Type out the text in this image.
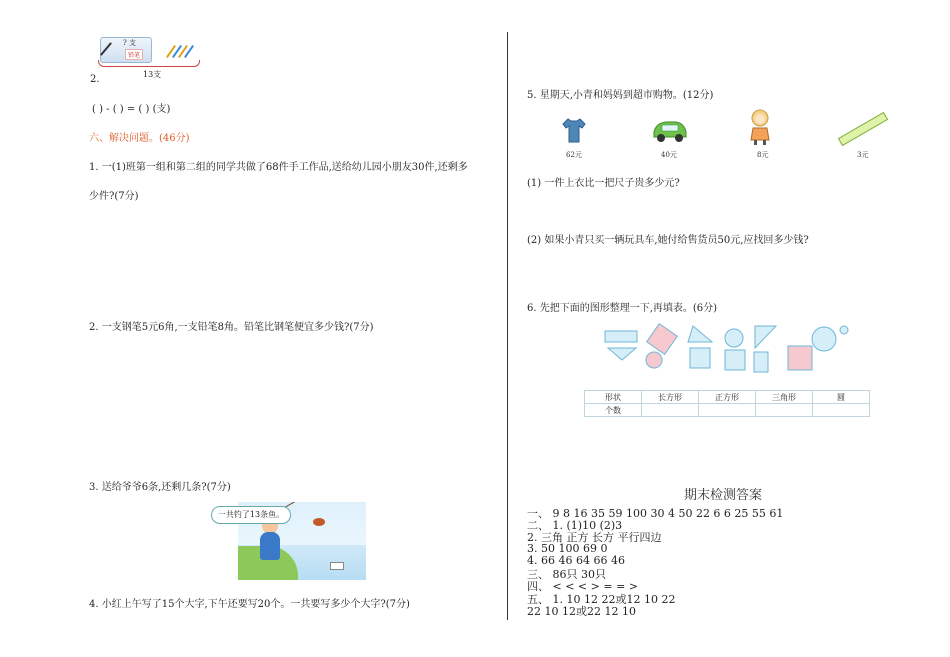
? 支
铅笔
13支
2.
( ) - ( ) = ( ) (支)
六、解决问题。(46分)
1. 一(1)班第一组和第二组的同学共做了68件手工作品,送给幼儿园小朋友30件,还剩多
少件?(7分)
2. 一支钢笔5元6角,一支铅笔8角。铅笔比钢笔便宜多少钱?(7分)
3. 送给爷爷6条,还剩几条?(7分)
一共钓了13条鱼。
4. 小红上午写了15个大字,下午还要写20个。一共要写多少个大字?(7分)
5. 星期天,小青和妈妈到超市购物。(12分)
62元	40元	8元	3元
(1) 一件上衣比一把尺子贵多少元?
(2) 如果小青只买一辆玩具车,她付给售货员50元,应找回多少钱?
6. 先把下面的图形整理一下,再填表。(6分)
形状	长方形	正方形	三角形	圆
个数				
期末检测答案
一、 9 8 16 35 59 100 30 4 50 22 6 6 25 55 61
二、 1. (1)10 (2)3
2. 三角 正方 长方 平行四边
3. 50 100 69 0
4. 66 46 64 66 46
三、 86只 30只
四、 < < < > = = >
五、 1. 10 12 22或12 10 22
22 10 12或22 12 10
